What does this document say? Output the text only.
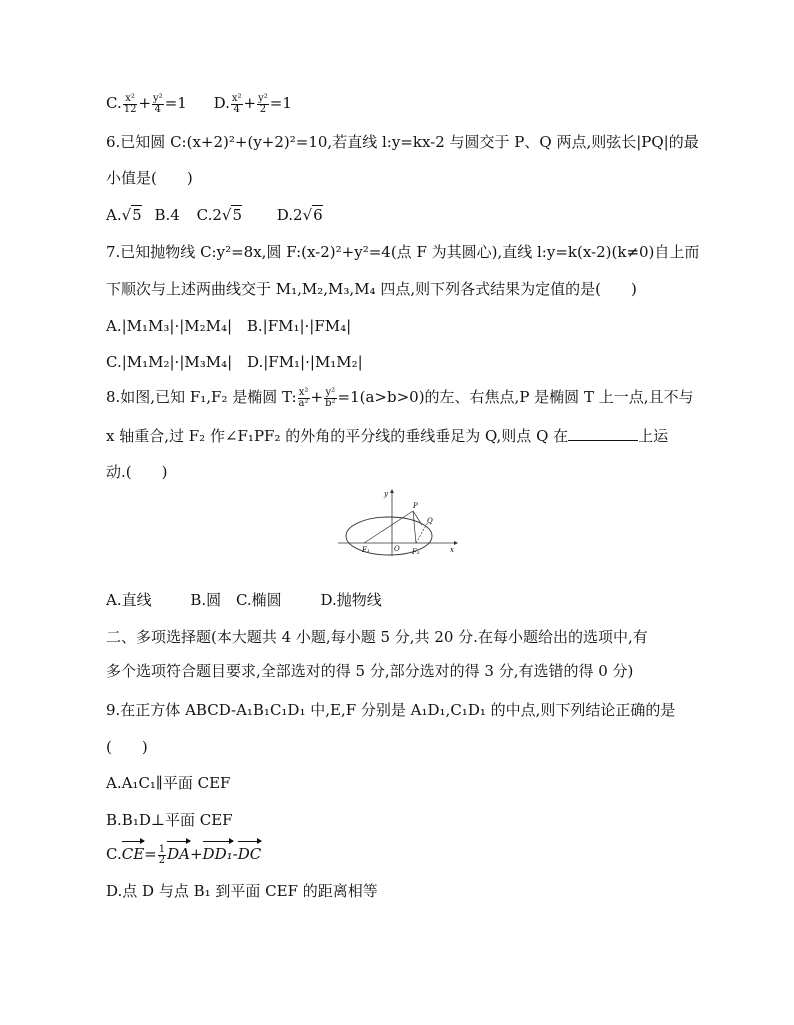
C. $\frac{\text{x²}}{12} + \frac{\text{y²}}{4} =1$ D. $\frac{\text{x²}}{4} + \frac{\text{y²}}{2} =1$
6.已知圆 C:(x+2)²+(y+2)²=10,若直线 l:y=kx-2 与圆交于 P、Q 两点,则弦长|PQ|的最
小值是(　　)
A.√5 B.4 C.2√5 D.2√6
7.已知抛物线 C:y²=8x,圆 F:(x-2)²+y²=4(点 F 为其圆心),直线 l:y=k(x-2)(k≠0)自上而
下顺次与上述两曲线交于 M₁,M₂,M₃,M₄ 四点,则下列各式结果为定值的是(　　)
A.|M₁M₃|·|M₂M₄| B.|FM₁|·|FM₄|
C.|M₁M₂|·|M₃M₄| D.|FM₁|·|M₁M₂|
8.如图,已知 F₁,F₂ 是椭圆 T: $\frac{\text{x²}}{\text{a²}} + \frac{\text{y²}}{\text{b²}} =1(a>b>0)$的左、右焦点,P 是椭圆 T 上一点,且不与
x 轴重合,过 F₂ 作∠F₁PF₂ 的外角的平分线的垂线垂足为 Q,则点 Q 在	上运
动.(　　)
y
x
P
Q
O
F₁	F₂
A.直线	B.圆 C.椭圆	D.抛物线
二、多项选择题(本大题共 4 小题,每小题 5 分,共 20 分.在每小题给出的选项中,有
多个选项符合题目要求,全部选对的得 5 分,部分选对的得 3 分,有选错的得 0 分)
9.在正方体 ABCD-A₁B₁C₁D₁ 中,E,F 分别是 A₁D₁,C₁D₁ 的中点,则下列结论正确的是
(　　)
A.A₁C₁∥平面 CEF
B.B₁D⊥平面 CEF
$C.CE= \frac{1}{2} DA+DD_1-DC$
D.点 D 与点 B₁ 到平面 CEF 的距离相等
